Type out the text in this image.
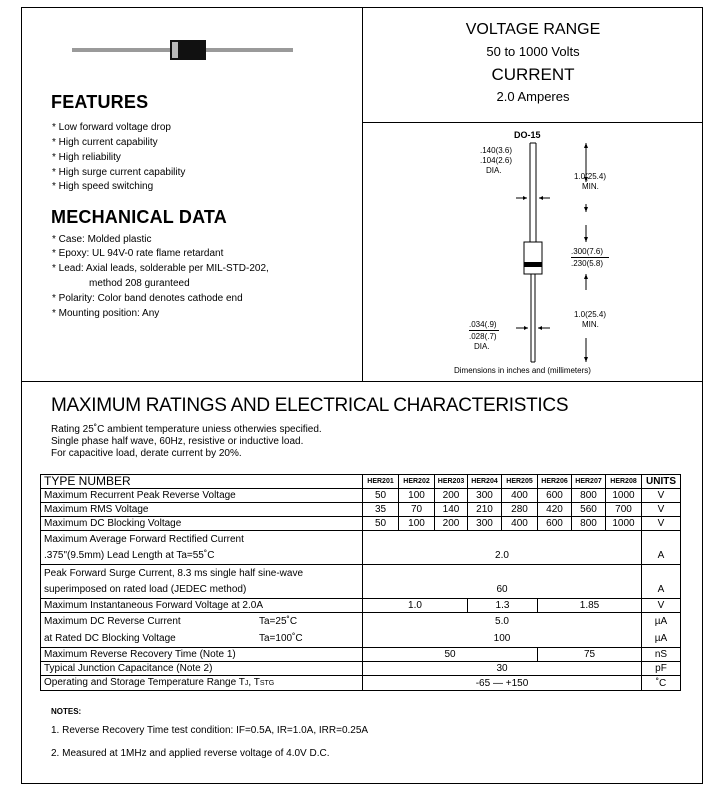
VOLTAGE RANGE
50 to 1000 Volts
CURRENT
2.0 Amperes
FEATURES
* Low forward voltage drop
* High current capability
* High reliability
* High surge current capability
* High speed switching
MECHANICAL DATA
* Case: Molded plastic
* Epoxy: UL 94V-0 rate flame retardant
* Lead: Axial leads, solderable per MIL-STD-202,
method 208 guranteed
* Polarity: Color band denotes cathode end
* Mounting position: Any
DO-15
.140(3.6)
.104(2.6)
DIA.
1.0(25.4)
MIN.
.300(7.6)
.230(5.8)
1.0(25.4)
MIN.
.034(.9)
.028(.7)
DIA.
Dimensions in inches and (millimeters)
MAXIMUM RATINGS AND ELECTRICAL CHARACTERISTICS
Rating 25˚C ambient temperature uniess otherwies specified.
Single phase half wave, 60Hz, resistive or inductive load.
For capacitive load, derate current by 20%.
TYPE NUMBER	HER201	HER202	HER203	HER204	HER205	HER206	HER207	HER208	UNITS
Maximum Recurrent Peak Reverse Voltage	50	100	200	300	400	600	800	1000	V
Maximum RMS Voltage	35	70	140	210	280	420	560	700	V
Maximum DC Blocking Voltage	50	100	200	300	400	600	800	1000	V
Maximum Average Forward Rectified Current									
.375"(9.5mm) Lead Length at Ta=55˚C	2.0								A
Peak Forward Surge Current, 8.3 ms single half sine-wave									
superimposed on rated load (JEDEC method)	60								A
Maximum Instantaneous Forward Voltage at 2.0A	1.0			1.3		1.85			V
Maximum DC Reverse Current Ta=25˚C	5.0								µA
at Rated DC Blocking Voltage Ta=100˚C	100								µA
Maximum Reverse Recovery Time (Note 1)	50					75			nS
Typical Junction Capacitance (Note 2)	30								pF
Operating and Storage Temperature Range TJ, TSTG	-65 — +150								˚C
NOTES:
1. Reverse Recovery Time test condition: IF=0.5A, IR=1.0A, IRR=0.25A
2. Measured at 1MHz and applied reverse voltage of 4.0V D.C.
